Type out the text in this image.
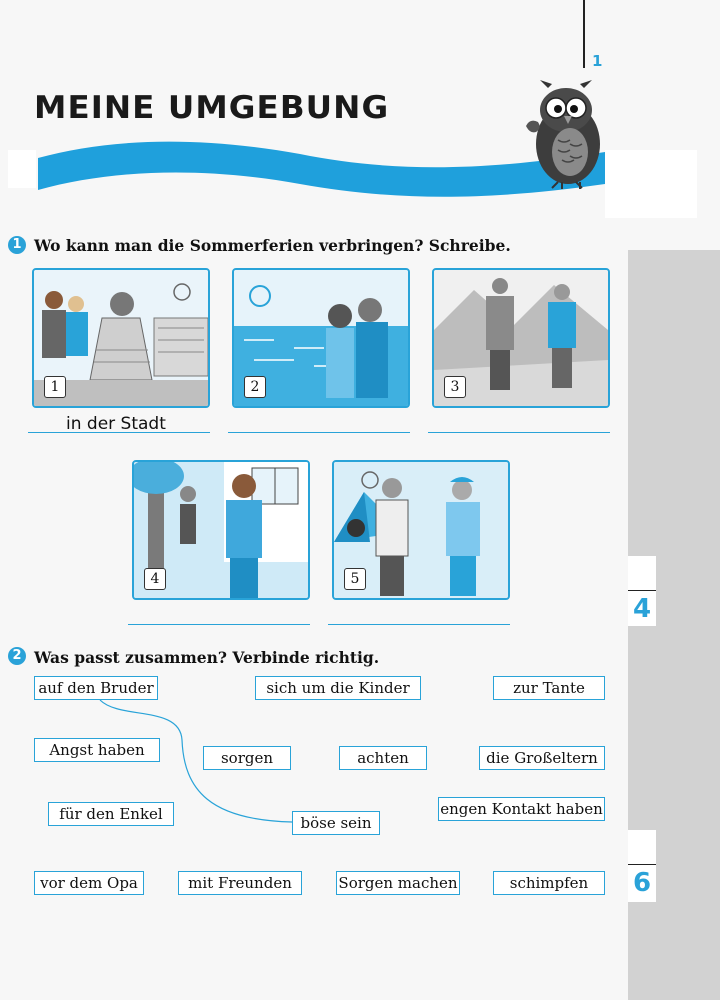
4
6
1
MEINE UMGEBUNG
1 Wo kann man die Sommerferien verbringen? Schreibe.
1	2	3
in der Stadt
4	5
2 Was passt zusammen? Verbinde richtig.
auf den Bruder	sich um die Kinder	zur Tante
Angst haben	sorgen	achten	die Großeltern
für den Enkel	böse sein
engen Kontakt haben
vor dem Opa	mit Freunden	Sorgen machen	schimpfen
